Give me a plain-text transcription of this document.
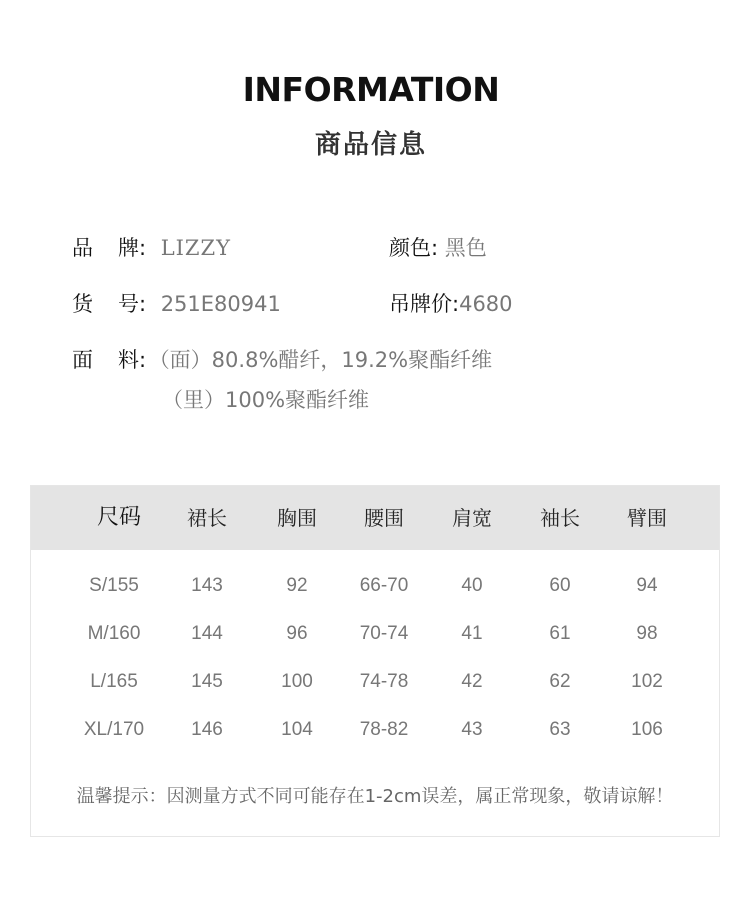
INFORMATION
商品信息
品 牌: LIZZY	颜色: 黑色
货 号: 251E80941	吊牌价:4680
面 料: （面）80.8%醋纤，19.2%聚酯纤维
（里）100%聚酯纤维
尺码	裙长	胸围	腰围	肩宽	袖长	臂围
S/155	143	92	66-70	40	60	94
M/160	144	96	70-74	41	61	98
L/165	145	100	74-78	42	62	102
XL/170	146	104	78-82	43	63	106
温馨提示：因测量方式不同可能存在1-2cm误差，属正常现象，敬请谅解！
